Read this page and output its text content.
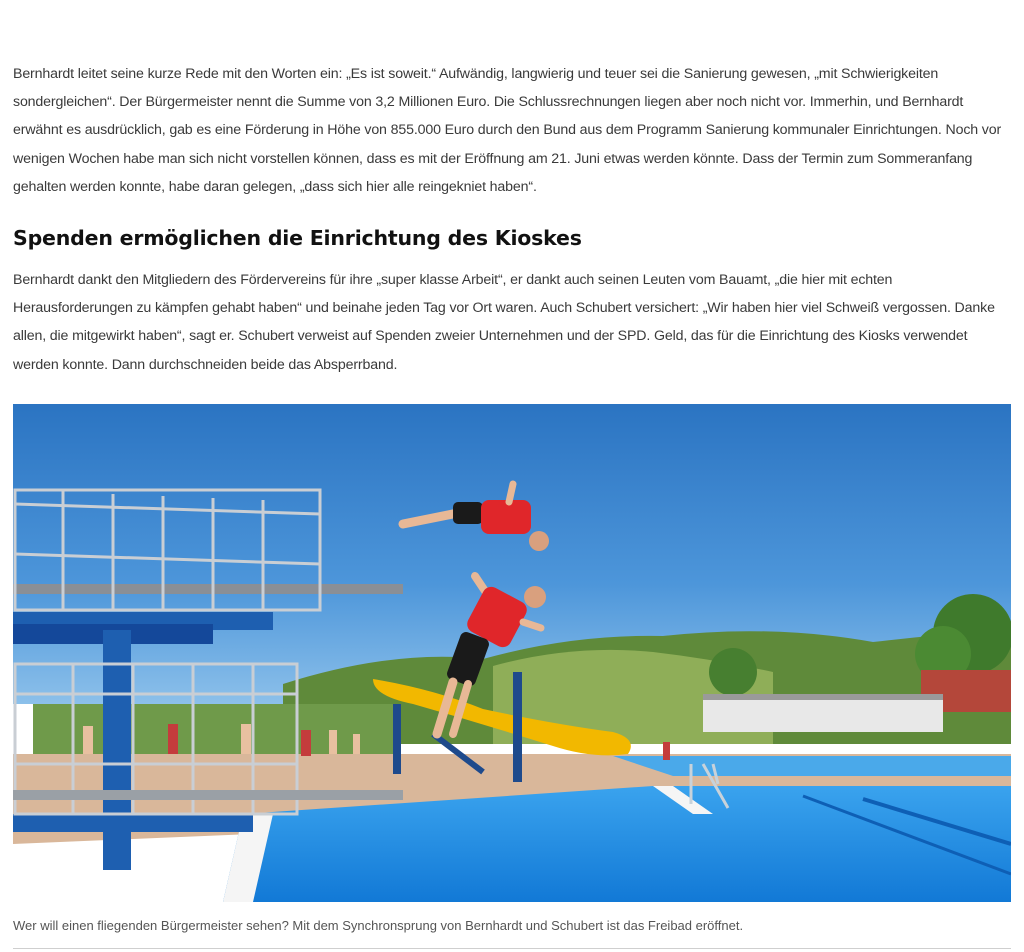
Bernhardt leitet seine kurze Rede mit den Worten ein: „Es ist soweit.“ Aufwändig, langwierig und teuer sei die Sanierung gewesen, „mit Schwierigkeiten sondergleichen“. Der Bürgermeister nennt die Summe von 3,2 Millionen Euro. Die Schlussrechnungen liegen aber noch nicht vor. Immerhin, und Bernhardt erwähnt es ausdrücklich, gab es eine Förderung in Höhe von 855.000 Euro durch den Bund aus dem Programm Sanierung kommunaler Einrichtungen. Noch vor wenigen Wochen habe man sich nicht vorstellen können, dass es mit der Eröffnung am 21. Juni etwas werden könnte. Dass der Termin zum Sommeranfang gehalten werden konnte, habe daran gelegen, „dass sich hier alle reingekniet haben“.

Spenden ermöglichen die Einrichtung des Kioskes

Bernhardt dankt den Mitgliedern des Fördervereins für ihre „super klasse Arbeit“, er dankt auch seinen Leuten vom Bauamt, „die hier mit echten Herausforderungen zu kämpfen gehabt haben“ und beinahe jeden Tag vor Ort waren. Auch Schubert versichert: „Wir haben hier viel Schweiß vergossen. Danke allen, die mitgewirkt haben“, sagt er. Schubert verweist auf Spenden zweier Unternehmen und der SPD. Geld, das für die Einrichtung des Kiosks verwendet werden konnte. Dann durchschneiden beide das Absperrband.

Wer will einen fliegenden Bürgermeister sehen? Mit dem Synchronsprung von Bernhardt und Schubert ist das Freibad eröffnet.
